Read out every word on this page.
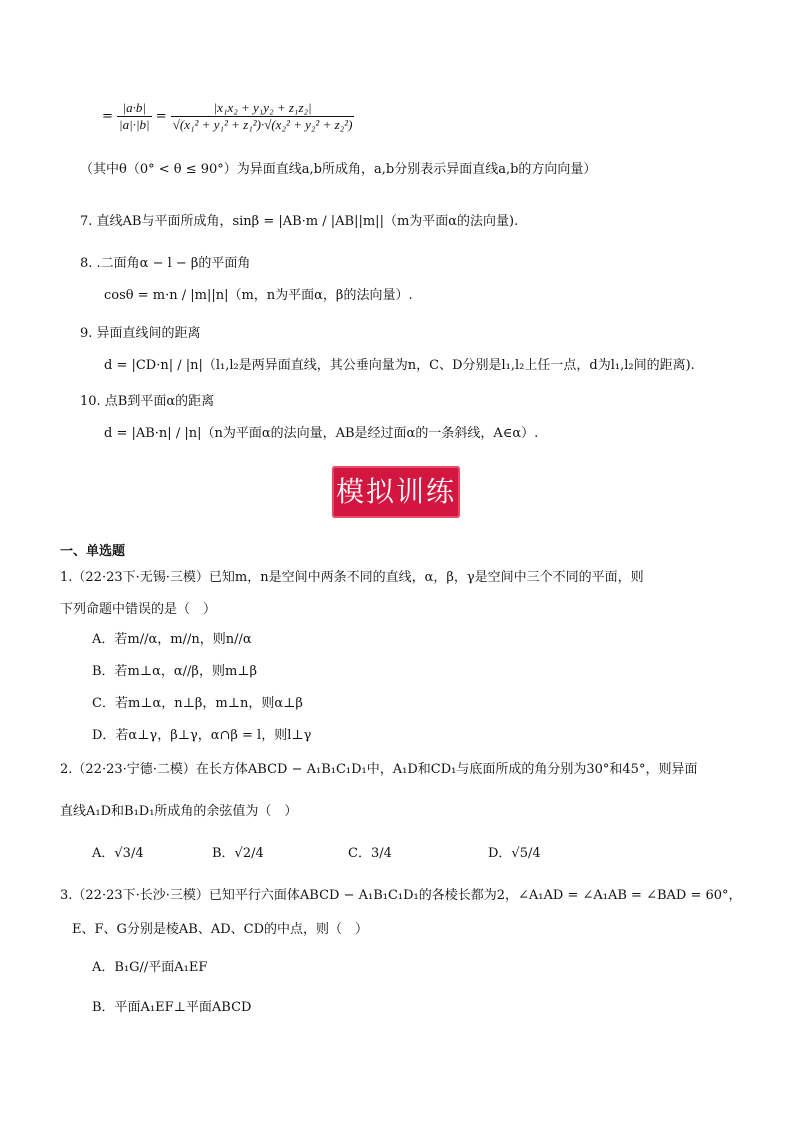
= $\frac{|a\cdot b|}{|a|\cdot|b|} = \frac{\text{|x₁x₂ + y₁y₂ + z₁z₂|}}{\text{√(x₁² + y₁² + z₁²)·√(x₂² + y₂² + z₂²)}}$
（其中θ（0° < θ ≤ 90°）为异面直线a,b所成角，a,b分别表示异面直线a,b的方向向量）
7. 直线AB与平面所成角，sinβ = |AB·m / |AB||m||（m为平面α的法向量).
8. .二面角α − l − β的平面角
cosθ = m·n / |m||n|（m，n为平面α，β的法向量）.
9. 异面直线间的距离
d = |CD·n| / |n|（l₁,l₂是两异面直线，其公垂向量为n，C、D分别是l₁,l₂上任一点，d为l₁,l₂间的距离).
10. 点B到平面α的距离
d = |AB·n| / |n|（n为平面α的法向量，AB是经过面α的一条斜线，A∈α）.
模拟训练
一、单选题
1.（22·23下·无锡·三模）已知m，n是空间中两条不同的直线，α，β，γ是空间中三个不同的平面，则
下列命题中错误的是（　）
A．若m//α，m//n，则n//α
B．若m⊥α，α//β，则m⊥β
C．若m⊥α，n⊥β，m⊥n，则α⊥β
D．若α⊥γ，β⊥γ，α∩β = l，则l⊥γ
2.（22·23·宁德·二模）在长方体ABCD − A₁B₁C₁D₁中，A₁D和CD₁与底面所成的角分别为30°和45°，则异面
直线A₁D和B₁D₁所成角的余弦值为（　）
A．√3/4	B．√2/4	C．3/4	D．√5/4
3.（22·23下·长沙·三模）已知平行六面体ABCD − A₁B₁C₁D₁的各棱长都为2，∠A₁AD = ∠A₁AB = ∠BAD = 60°，
E、F、G分别是棱AB、AD、CD的中点，则（　）
A．B₁G//平面A₁EF
B．平面A₁EF⊥平面ABCD
